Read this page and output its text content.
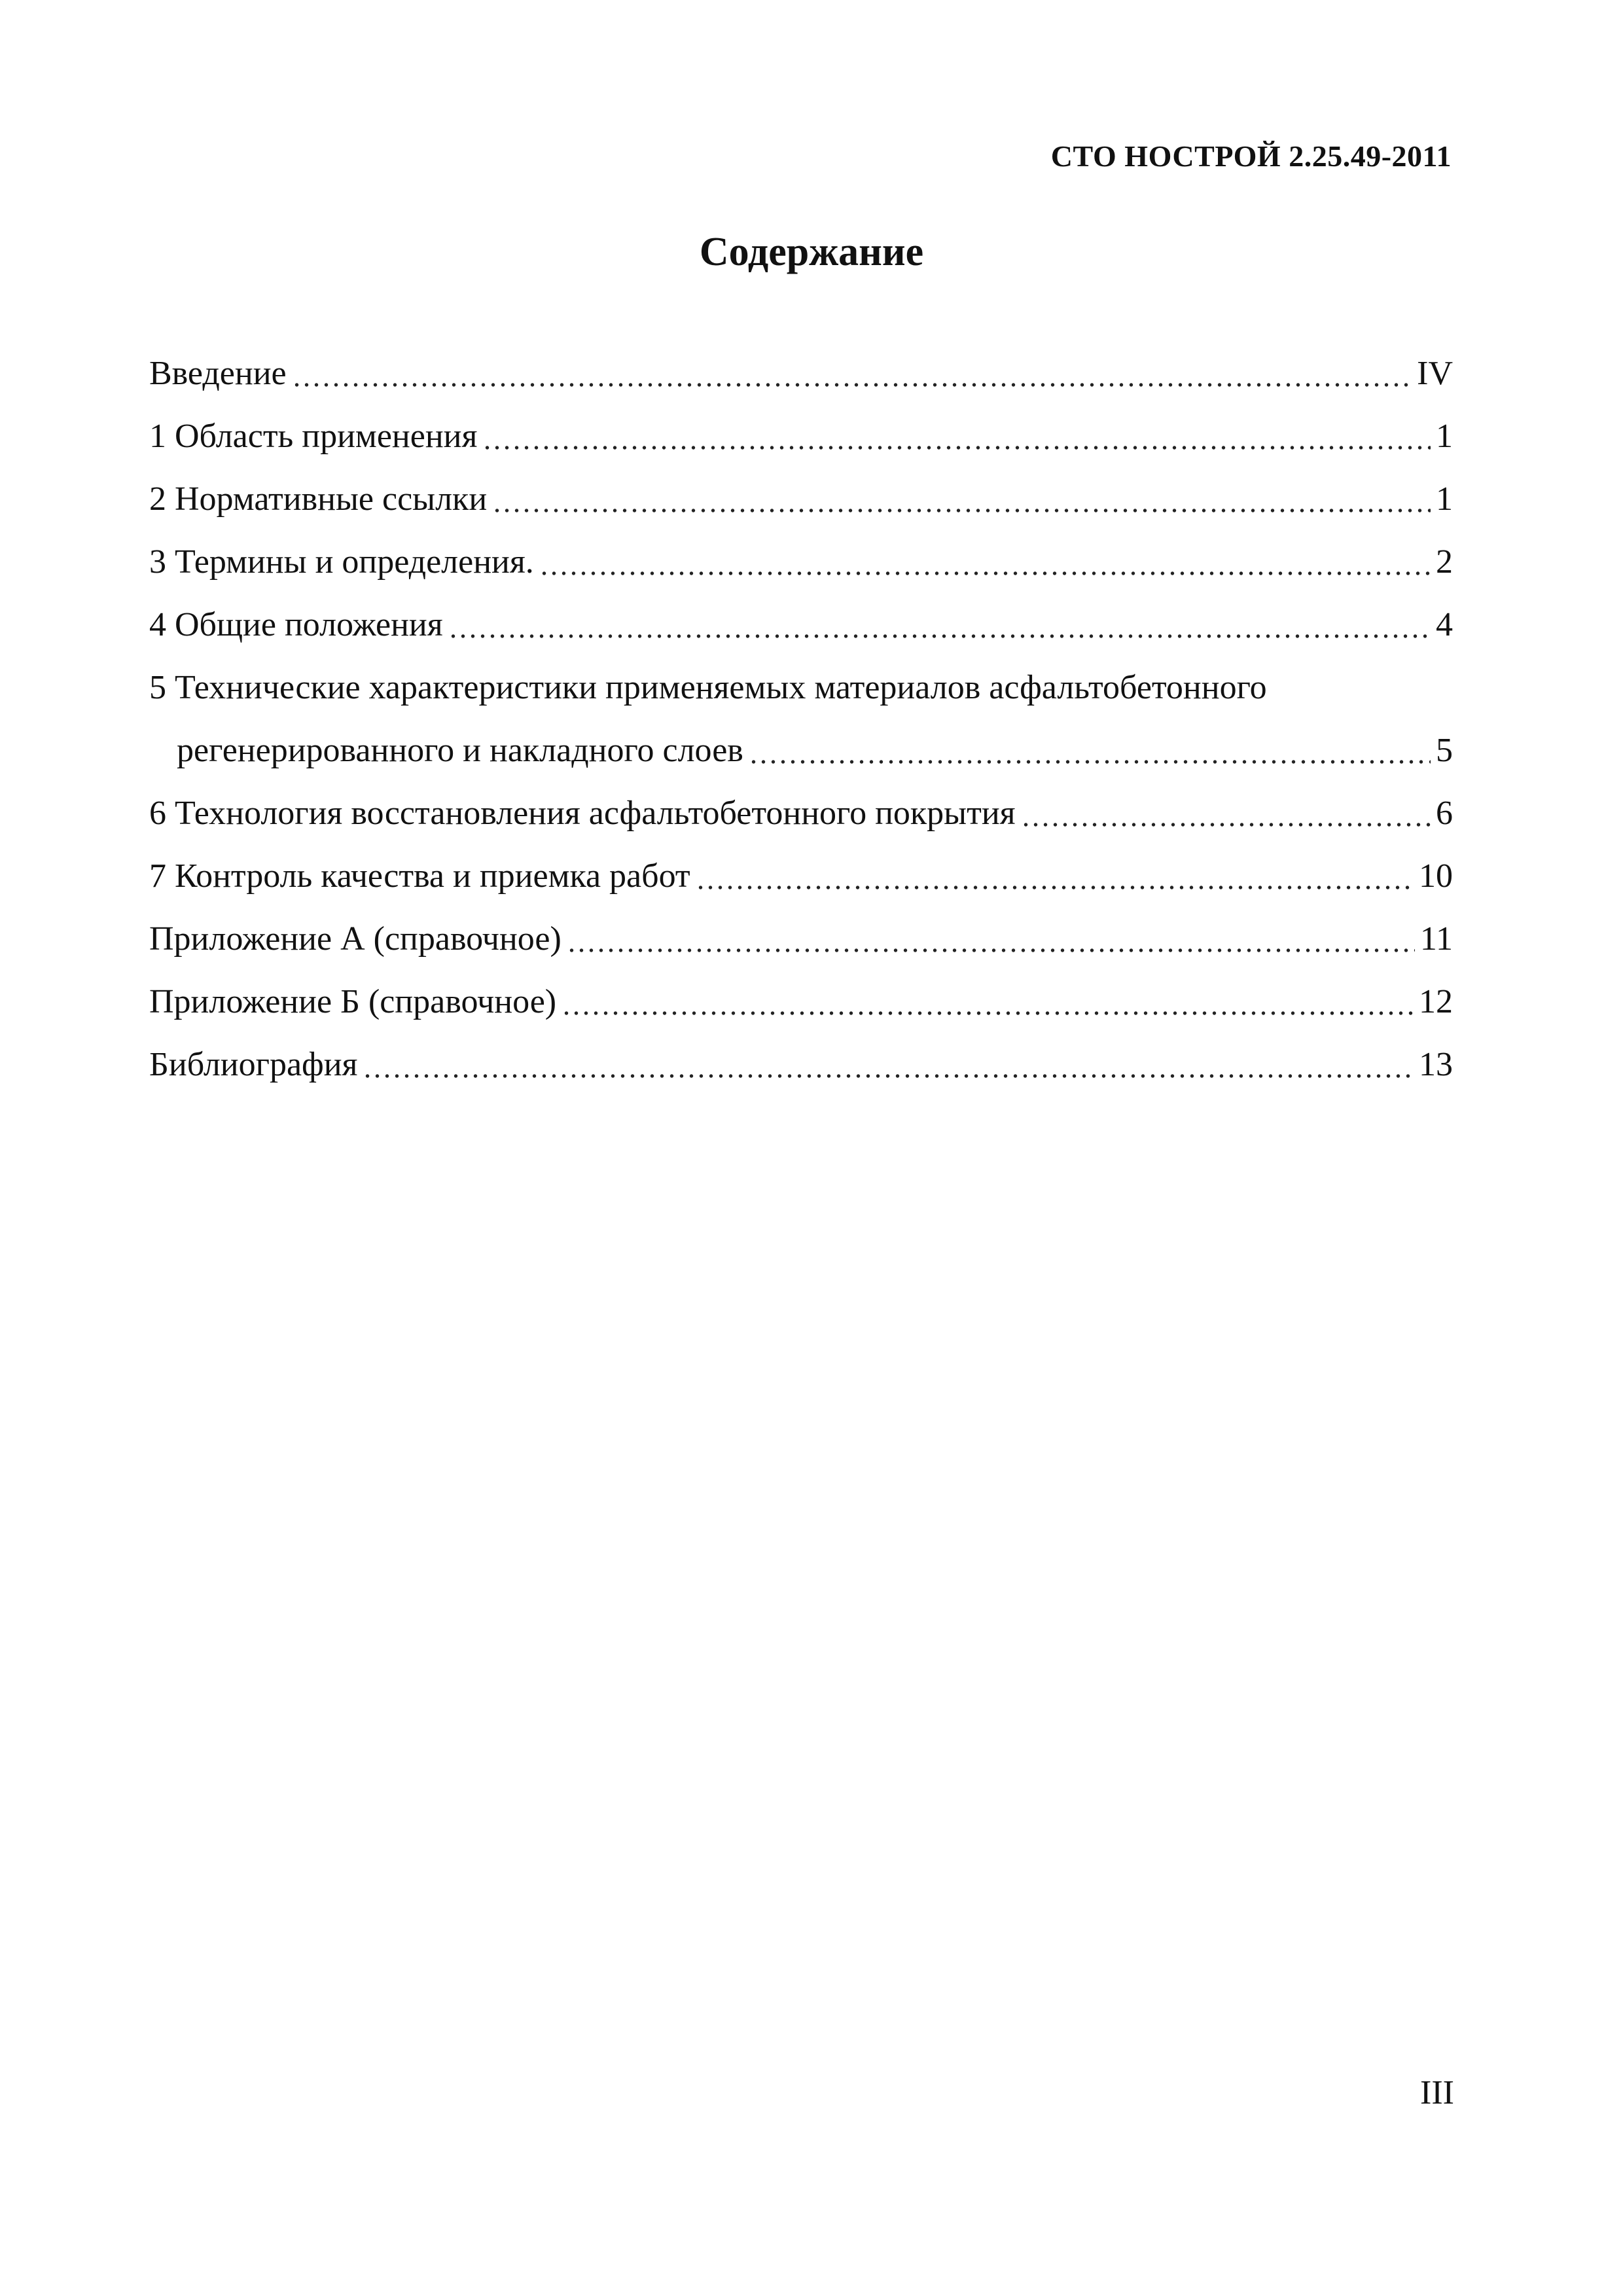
СТО НОСТРОЙ 2.25.49-2011
Содержание
Введение	IV
1 Область применения	1
2 Нормативные ссылки	1
3 Термины и определения.	2
4 Общие положения	4
5 Технические характеристики применяемых материалов асфальтобетонного
регенерированного и накладного слоев	5
6 Технология восстановления асфальтобетонного покрытия	6
7 Контроль качества и приемка работ	10
Приложение А (справочное)	11
Приложение Б (справочное)	12
Библиография	13
III
